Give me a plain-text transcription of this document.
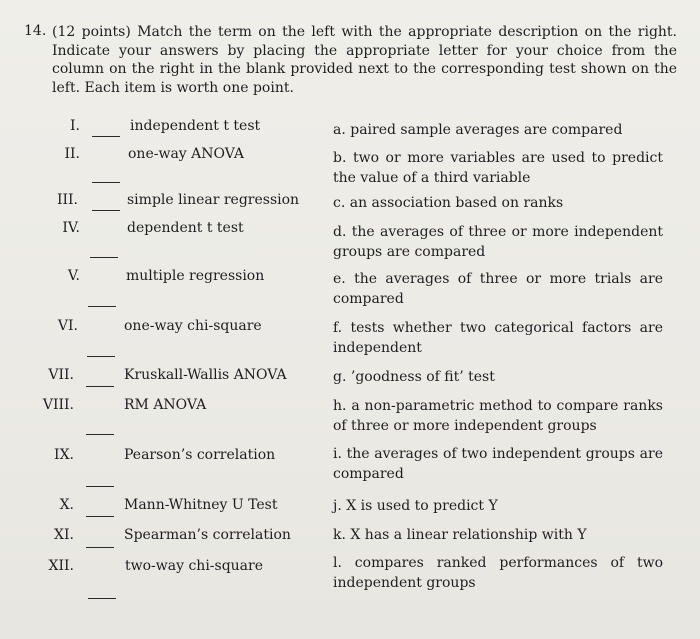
14. (12 points) Match the term on the left with the appropriate description on the right. Indicate your answers by placing the appropriate letter for your choice from the column on the right in the blank provided next to the corresponding test shown on the left. Each item is worth one point.
I.	independent t test
II.	one-way ANOVA
III.	simple linear regression
IV.	dependent t test
V.	multiple regression
VI.	one-way chi-square
VII.	Kruskall-Wallis ANOVA
VIII.	RM ANOVA
IX.	Pearson’s correlation
X.	Mann-Whitney U Test
XI.	Spearman’s correlation
XII.	two-way chi-square
a. paired sample averages are compared
b. two or more variables are used to predict the value of a third variable
c. an association based on ranks
d. the averages of three or more independent groups are compared
e. the averages of three or more trials are compared
f. tests whether two categorical factors are independent
g. ’goodness of fit’ test
h. a non-parametric method to compare ranks of three or more independent groups
i. the averages of two independent groups are compared
j. X is used to predict Y
k. X has a linear relationship with Y
l. compares ranked performances of two independent groups
